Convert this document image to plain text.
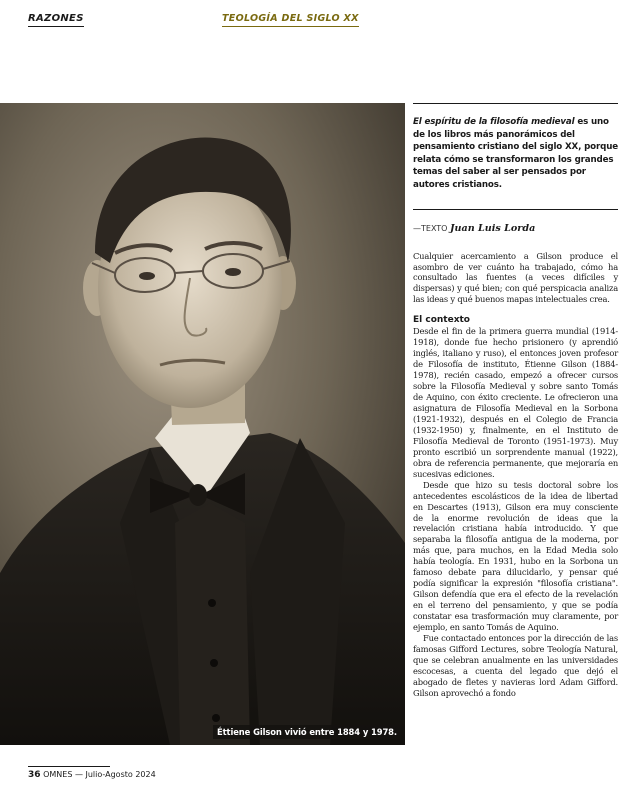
RAZONES	TEOLOGÍA DEL SIGLO XX
Éttiene Gilson vivió entre 1884 y 1978.

El espíritu de la filosofía medieval es uno de los libros más panorámicos del pensamiento cristiano del siglo XX, porque relata cómo se transformaron los grandes temas del saber al ser pensados por autores cristianos.

—TEXTO Juan Luis Lorda

Cualquier acercamiento a Gilson produce el asombro de ver cuánto ha trabajado, cómo ha consultado las fuentes (a veces difíciles y dispersas) y qué bien; con qué perspicacia analiza las ideas y qué buenos mapas intelectuales crea.

El contexto

Desde el fin de la primera guerra mundial (1914-1918), donde fue hecho prisionero (y aprendió inglés, italiano y ruso), el entonces joven profesor de Filosofía de instituto, Étienne Gilson (1884-1978), recién casado, empezó a ofrecer cursos sobre la Filosofía Medieval y sobre santo Tomás de Aquino, con éxito creciente. Le ofrecieron una asignatura de Filosofía Medieval en la Sorbona (1921-1932), después en el Colegio de Francia (1932-1950) y, finalmente, en el Instituto de Filosofía Medieval de Toronto (1951-1973). Muy pronto escribió un sorprendente manual (1922), obra de referencia permanente, que mejoraría en sucesivas ediciones.

Desde que hizo su tesis doctoral sobre los antecedentes escolásticos de la idea de libertad en Descartes (1913), Gilson era muy consciente de la enorme revolución de ideas que la revelación cristiana había introducido. Y que separaba la filosofía antigua de la moderna, por más que, para muchos, en la Edad Media solo había teología. En 1931, hubo en la Sorbona un famoso debate para dilucidarlo, y pensar qué podía significar la expresión "filosofía cristiana". Gilson defendía que era el efecto de la revelación en el terreno del pensamiento, y que se podía constatar esa trasformación muy claramente, por ejemplo, en santo Tomás de Aquino.

Fue contactado entonces por la dirección de las famosas Gifford Lectures, sobre Teología Natural, que se celebran anualmente en las universidades escocesas, a cuenta del legado que dejó el abogado de fletes y navieras lord Adam Gifford. Gilson aprovechó a fondo

36 OMNES — Julio-Agosto 2024
